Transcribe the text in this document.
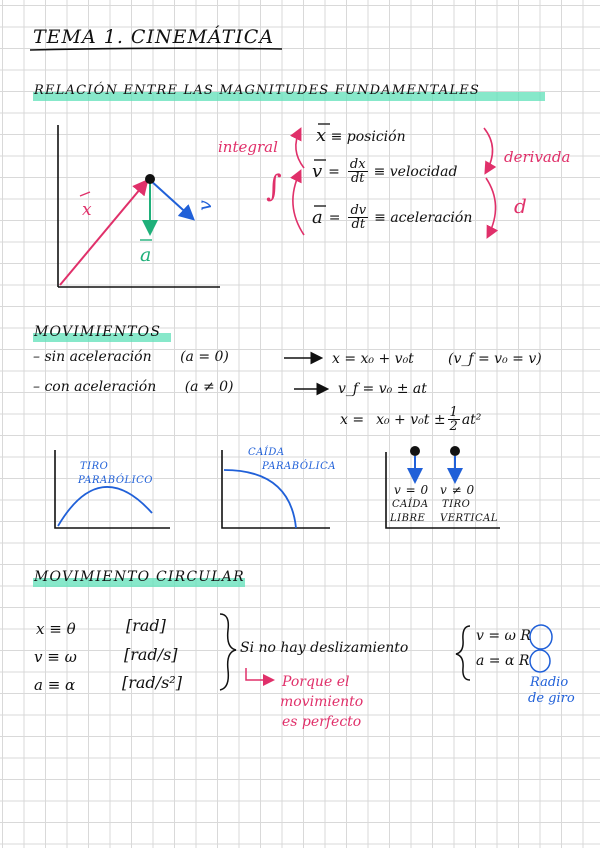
TEMA 1. CINEMÁTICA
RELACIÓN ENTRE LAS MAGNITUDES FUNDAMENTALES
x
a
v
integral
∫
derivada
d
x ≡ posición
$v = \frac{dx}{dt}$ ≡ velocidad
$a = \frac{dv}{dt}$ ≡ aceleración
MOVIMIENTOS
– sin aceleración (a = 0)	x = x₀ + v₀t (v_f = v₀ = v)
– con aceleración (a ≠ 0)	v_f = v₀ ± at
$x = x_0 + v_0t \pm \frac{1}{2} at^2$
TIRO
PARABÓLICO
CAÍDA
PARABÓLICA
v = 0
CAÍDA
LIBRE
v ≠ 0
TIRO
VERTICAL
MOVIMIENTO CIRCULAR
x ≡ θ	[rad]
v ≡ ω	[rad/s]
a ≡ α	[rad/s²]
Si no hay deslizamiento
v = ω R
a = α R
Porque el
movimiento
es perfecto
Radio
de giro
